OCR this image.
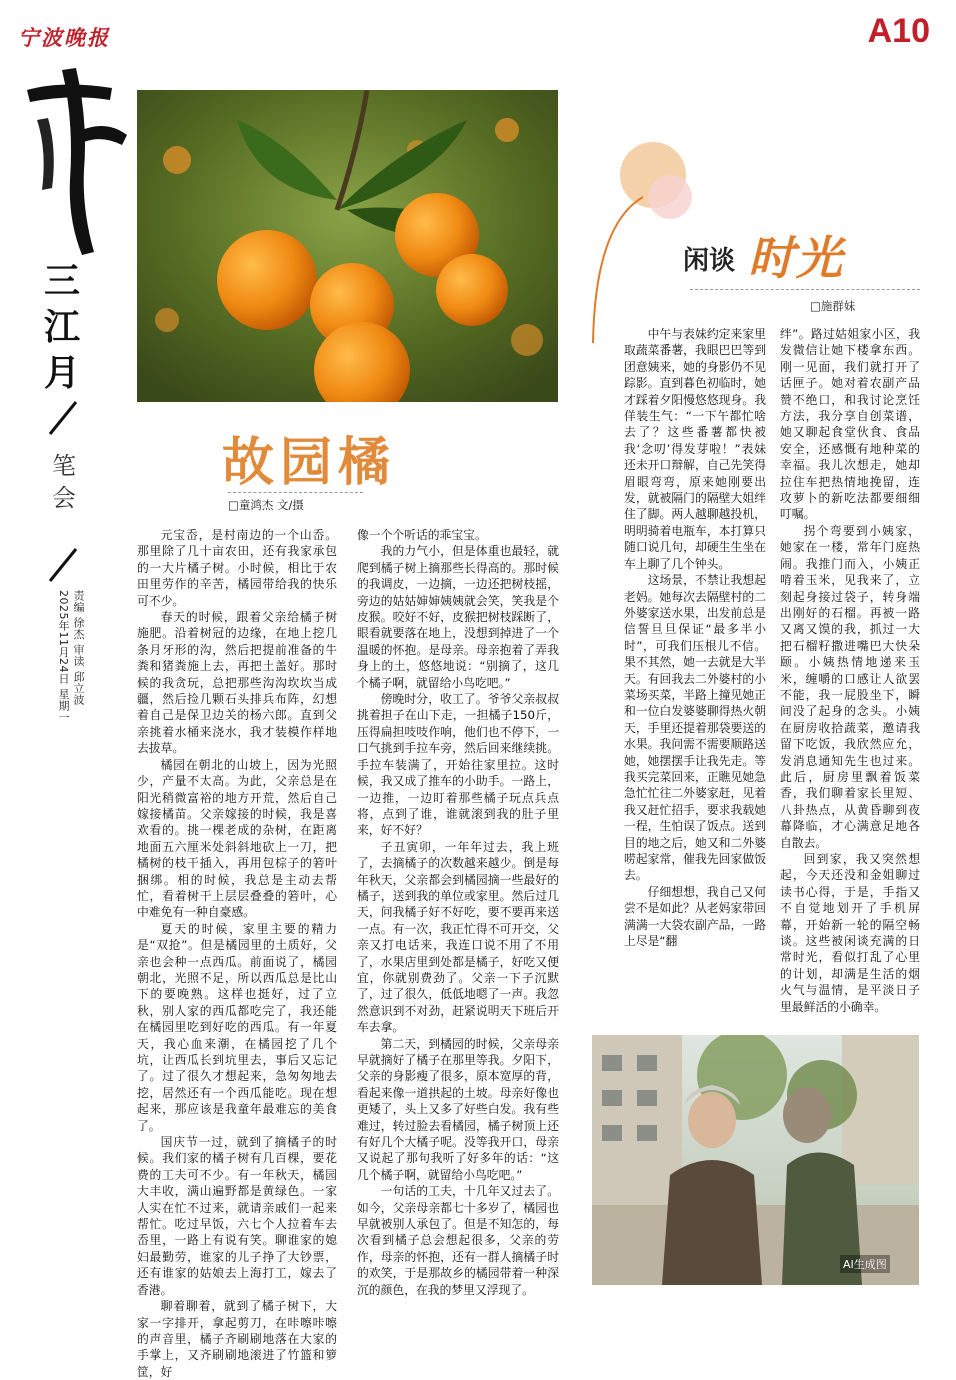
宁波晚报	A10
三江月
笔会
责编 徐杰 审读 邱立波
2025年11月24日 星期一
故园橘
□童鸿杰 文/摄

元宝岙，是村南边的一个山岙。那里除了几十亩农田，还有我家承包的一大片橘子树。小时候，相比于农田里劳作的辛苦，橘园带给我的快乐可不少。

春天的时候，跟着父亲给橘子树施肥。沿着树冠的边缘，在地上挖几条月牙形的沟，然后把提前准备的牛粪和猪粪施上去，再把土盖好。那时候的我贪玩，总把那些沟沟坎坎当成疆，然后捡几颗石头排兵布阵，幻想着自己是保卫边关的杨六郎。直到父亲挑着水桶来浇水，我才装模作样地去拔草。

橘园在朝北的山坡上，因为光照少，产量不太高。为此，父亲总是在阳光稍微富裕的地方开荒，然后自己嫁接橘苗。父亲嫁接的时候，我是喜欢看的。挑一棵老成的杂树，在距离地面五六厘米处斜斜地砍上一刀，把橘树的枝干插入，再用包棕子的箬叶捆绑。相的时候，我总是主动去帮忙，看着树干上层层叠叠的箬叶，心中难免有一种自豪感。

夏天的时候，家里主要的精力是“双抢”。但是橘园里的土质好，父亲也会种一点西瓜。前面说了，橘园朝北，光照不足，所以西瓜总是比山下的要晚熟。这样也挺好，过了立秋，别人家的西瓜都吃完了，我还能在橘园里吃到好吃的西瓜。有一年夏天，我心血来潮，在橘园挖了几个坑，让西瓜长到坑里去，事后又忘记了。过了很久才想起来，急匆匆地去挖，居然还有一个西瓜能吃。现在想起来，那应该是我童年最难忘的美食了。

国庆节一过，就到了摘橘子的时候。我们家的橘子树有几百棵，要花费的工夫可不少。有一年秋天，橘园大丰收，满山遍野都是黄绿色。一家人实在忙不过来，就请亲戚们一起来帮忙。吃过早饭，六七个人拉着车去岙里，一路上有说有笑。聊谁家的媳妇最勤劳，谁家的儿子挣了大钞票，还有谁家的姑娘去上海打工，嫁去了香港。

聊着聊着，就到了橘子树下，大家一字排开，拿起剪刀，在咔嚓咔嚓的声音里，橘子齐刷刷地落在大家的手掌上，又齐刷刷地滚进了竹篮和箩筐，好

像一个个听话的乖宝宝。

我的力气小，但是体重也最轻，就爬到橘子树上摘那些长得高的。那时候的我调皮，一边摘，一边还把树枝摇，旁边的姑姑婶婶姨姨就会笑，笑我是个皮猴。咬好不好，皮猴把树枝踩断了，眼看就要落在地上，没想到掉进了一个温暖的怀抱。是母亲。母亲抱着了弄我身上的土，悠悠地说：“别摘了，这几个橘子啊，就留给小鸟吃吧。”

傍晚时分，收工了。爷爷父亲叔叔挑着担子在山下走，一担橘子150斤，压得扁担吱吱作响，他们也不停下，一口气挑到手拉车旁，然后回来继续挑。手拉车装满了，开始往家里拉。这时候，我又成了推车的小助手。一路上，一边推，一边盯着那些橘子玩点兵点将，点到了谁，谁就滚到我的肚子里来，好不好？

子丑寅卯，一年年过去，我上班了，去摘橘子的次数越来越少。倒是每年秋天，父亲都会到橘园摘一些最好的橘子，送到我的单位或家里。然后过几天，问我橘子好不好吃，要不要再来送一点。有一次，我正忙得不可开交，父亲又打电话来，我连口说不用了不用了，水果店里到处都是橘子，好吃又便宜，你就别费劲了。父亲一下子沉默了，过了很久，低低地嗯了一声。我忽然意识到不对劲，赶紧说明天下班后开车去拿。

第二天，到橘园的时候，父亲母亲早就摘好了橘子在那里等我。夕阳下，父亲的身影瘦了很多，原本宽厚的背，看起来像一道拱起的土坡。母亲好像也更矮了，头上又多了好些白发。我有些难过，转过脸去看橘园，橘子树顶上还有好几个大橘子呢。没等我开口，母亲又说起了那句我听了好多年的话：“这几个橘子啊，就留给小鸟吃吧。”

一句话的工夫，十几年又过去了。如今，父亲母亲都七十多岁了，橘园也早就被别人承包了。但是不知怎的，每次看到橘子总会想起很多，父亲的劳作，母亲的怀抱，还有一群人摘橘子时的欢笑，于是那故乡的橘园带着一种深沉的颜色，在我的梦里又浮现了。

闲谈 时光
□施群妹

中午与表妹约定来家里取蔬菜番薯，我眼巴巴等到团意姨来，她的身影仍不见踪影。直到暮色初临时，她才踩着夕阳慢悠悠现身。我佯装生气：“一下午都忙啥去了？这些番薯都快被我‘念叨’得发芽啦！”表妹还未开口辩解，自己先笑得眉眼弯弯，原来她刚要出发，就被隔门的隔壁大姐绊住了脚。两人越聊越投机，明明骑着电瓶车，本打算只随口说几句，却硬生生坐在车上聊了几个钟头。

这场景，不禁让我想起老妈。她每次去隔壁村的二外婆家送水果，出发前总是信誓旦旦保证“最多半小时”，可我们压根儿不信。果不其然，她一去就是大半天。有回我去二外婆村的小菜场买菜，半路上撞见她正和一位白发婆婆聊得热火朝天，手里还提着那袋要送的水果。我问需不需要顺路送她，她摆摆手让我先走。等我买完菜回来，正瞧见她急急忙忙往二外婆家赶，见着我又赶忙招手，要求我载她一程，生怕误了饭点。送到目的地之后，她又和二外婆唠起家常，催我先回家做饭去。

仔细想想，我自己又何尝不是如此？从老妈家带回满满一大袋农副产品，一路上尽是“翻

绊”。路过姑姐家小区，我发微信让她下楼拿东西。刚一见面，我们就打开了话匣子。她对着农副产品赞不绝口，和我讨论烹饪方法，我分享自创菜谱，她又聊起食堂伙食、食品安全，还感慨有地种菜的幸福。我儿次想走，她却拉住车把热情地挽留，连攻萝卜的新吃法都要细细叮嘱。

拐个弯要到小姨家，她家在一楼，常年门庭热闹。我推门而入，小姨正啃着玉米，见我来了，立刻起身接过袋子，转身端出刚好的石榴。再被一路又离又馍的我，抓过一大把石榴籽撒进嘴巴大快朵颐。小姨热情地递来玉米，缠嚼的口感让人欲罢不能，我一屁股坐下，瞬间没了起身的念头。小姨在厨房收拾蔬菜，邀请我留下吃饭，我欣然应允，发消息通知先生也过来。此后，厨房里飘着饭菜香，我们聊着家长里短、八卦热点，从黄昏聊到夜幕降临，才心满意足地各自散去。

回到家，我又突然想起，今天还没和金姐聊过读书心得，于是，手指又不自觉地划开了手机屏幕，开始新一轮的隔空畅谈。这些被闲谈充满的日常时光，看似打乱了心里的计划，却满是生活的烟火气与温情，是平淡日子里最鲜活的小确幸。

AI生成图
